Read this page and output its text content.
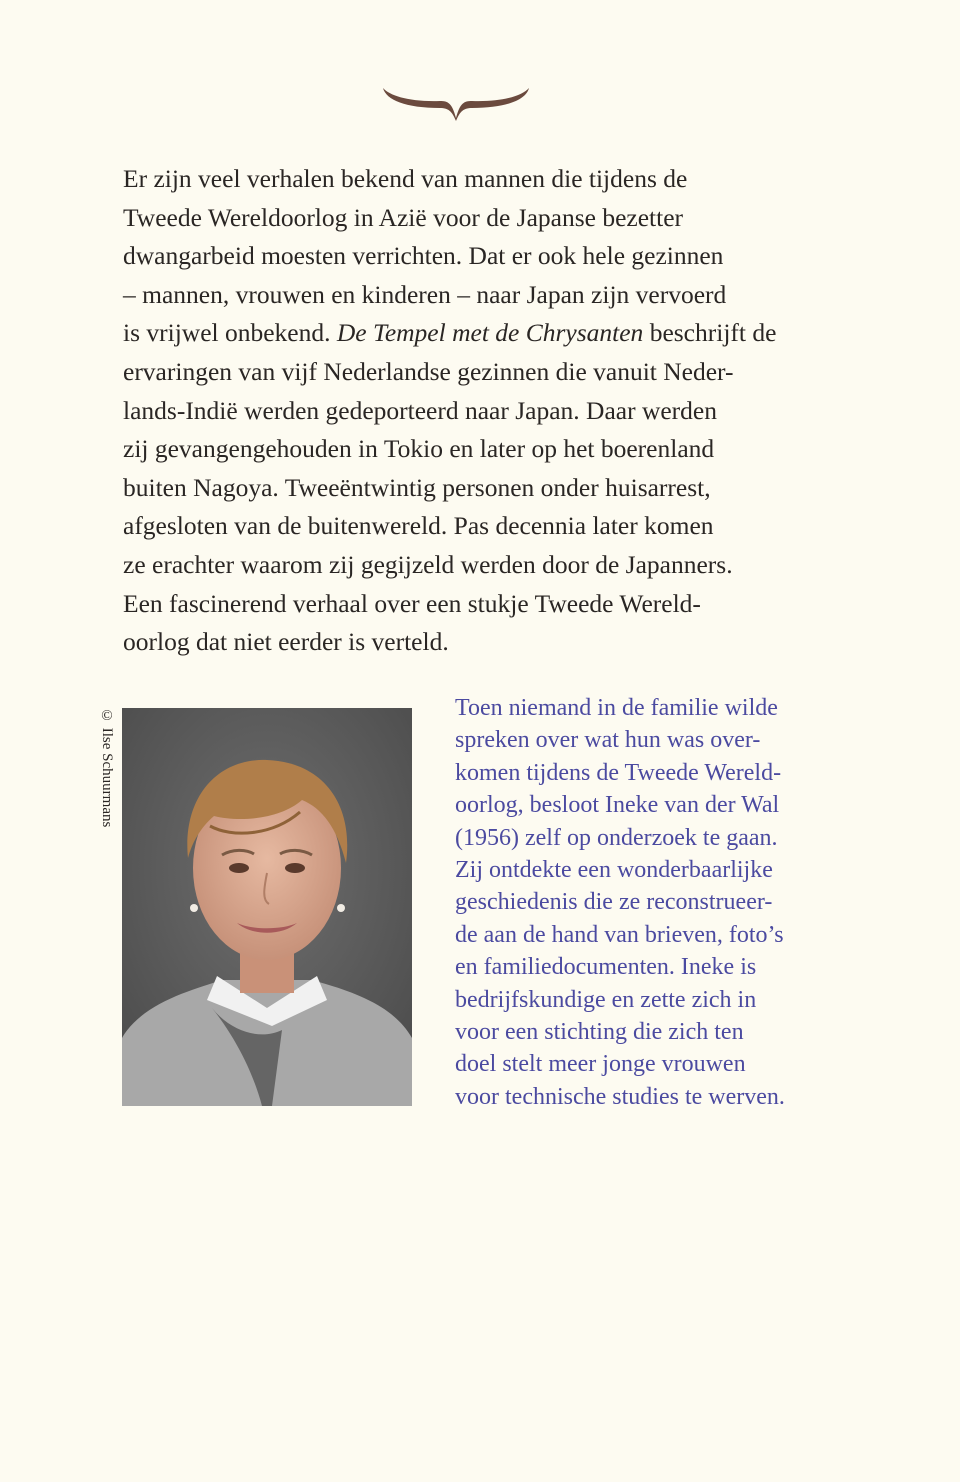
Er zijn veel verhalen bekend van mannen die tijdens de
Tweede Wereldoorlog in Azië voor de Japanse bezetter
dwangarbeid moesten verrichten. Dat er ook hele gezinnen
– mannen, vrouwen en kinderen – naar Japan zijn vervoerd
is vrijwel onbekend. De Tempel met de Chrysanten beschrijft de
ervaringen van vijf Nederlandse gezinnen die vanuit Neder-
lands-Indië werden gedeporteerd naar Japan. Daar werden
zij gevangengehouden in Tokio en later op het boerenland
buiten Nagoya. Tweeëntwintig personen onder huisarrest,
afgesloten van de buitenwereld. Pas decennia later komen
ze erachter waarom zij gegijzeld werden door de Japanners.
Een fascinerend verhaal over een stukje Tweede Wereld-
oorlog dat niet eerder is verteld.

© Ilse Schuurmans	Toen niemand in de familie wilde
spreken over wat hun was over-
komen tijdens de Tweede Wereld-
oorlog, besloot Ineke van der Wal
(1956) zelf op onderzoek te gaan.
Zij ontdekte een wonderbaarlijke
geschiedenis die ze reconstrueer-
de aan de hand van brieven, foto’s
en familiedocumenten. Ineke is
bedrijfskundige en zette zich in
voor een stichting die zich ten
doel stelt meer jonge vrouwen
voor technische studies te werven.
